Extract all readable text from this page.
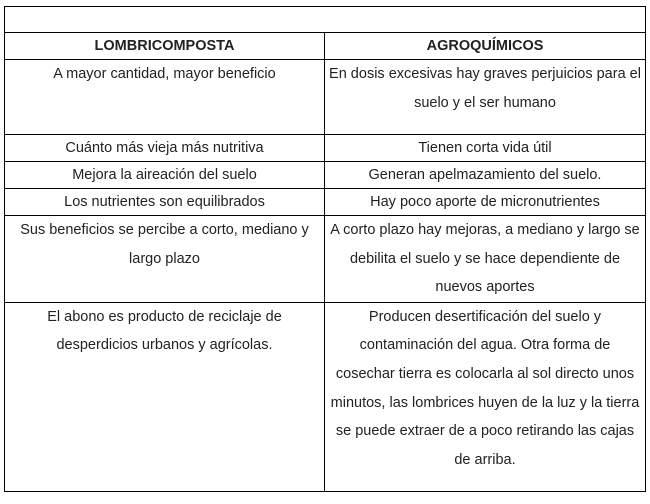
LOMBRICOMPOSTA	AGROQUÍMICOS
A mayor cantidad, mayor beneficio	En dosis excesivas hay graves perjuicios para el suelo y el ser humano
Cuánto más vieja más nutritiva	Tienen corta vida útil
Mejora la aireación del suelo	Generan apelmazamiento del suelo.
Los nutrientes son equilibrados	Hay poco aporte de micronutrientes
Sus beneficios se percibe a corto, mediano y largo plazo	A corto plazo hay mejoras, a mediano y largo se debilita el suelo y se hace dependiente de nuevos aportes
El abono es producto de reciclaje de desperdicios urbanos y agrícolas.	Producen desertificación del suelo y contaminación del agua. Otra forma de cosechar tierra es colocarla al sol directo unos minutos, las lombrices huyen de la luz y la tierra se puede extraer de a poco retirando las cajas de arriba.
